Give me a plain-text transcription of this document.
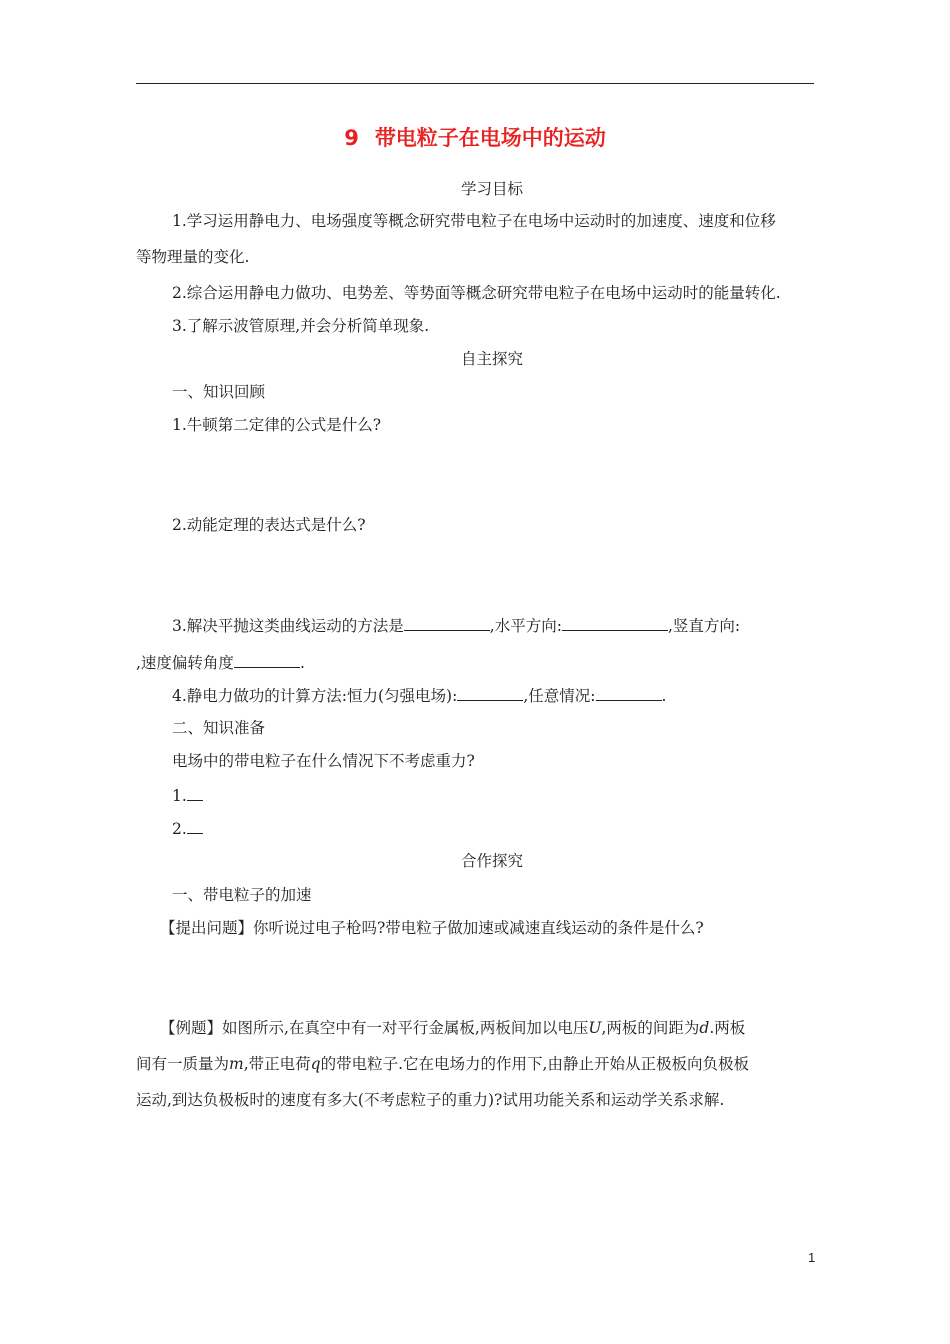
9 带电粒子在电场中的运动
学习目标
1.学习运用静电力、电场强度等概念研究带电粒子在电场中运动时的加速度、速度和位移
等物理量的变化.
2.综合运用静电力做功、电势差、等势面等概念研究带电粒子在电场中运动时的能量转化.
3.了解示波管原理,并会分析简单现象.
自主探究
一、知识回顾
1.牛顿第二定律的公式是什么?
2.动能定理的表达式是什么?
3.解决平抛这类曲线运动的方法是	,水平方向:	,竖直方向:
,速度偏转角度	.
4.静电力做功的计算方法:恒力(匀强电场):	,任意情况:	.
二、知识准备
电场中的带电粒子在什么情况下不考虑重力?
1.
2.
合作探究
一、带电粒子的加速
【提出问题】你听说过电子枪吗?带电粒子做加速或减速直线运动的条件是什么?
【例题】如图所示,在真空中有一对平行金属板,两板间加以电压U,两板的间距为d.两板
间有一质量为m,带正电荷q的带电粒子.它在电场力的作用下,由静止开始从正极板向负极板
运动,到达负极板时的速度有多大(不考虑粒子的重力)?试用功能关系和运动学关系求解.
1
